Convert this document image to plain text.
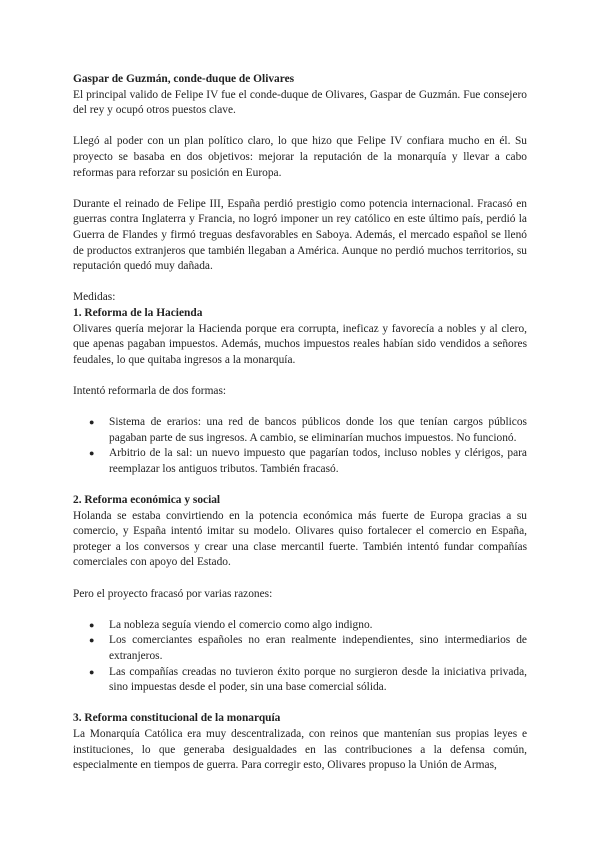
Gaspar de Guzmán, conde-duque de Olivares

El principal valido de Felipe IV fue el conde-duque de Olivares, Gaspar de Guzmán. Fue consejero del rey y ocupó otros puestos clave.

Llegó al poder con un plan político claro, lo que hizo que Felipe IV confiara mucho en él. Su proyecto se basaba en dos objetivos: mejorar la reputación de la monarquía y llevar a cabo reformas para reforzar su posición en Europa.

Durante el reinado de Felipe III, España perdió prestigio como potencia internacional. Fracasó en guerras contra Inglaterra y Francia, no logró imponer un rey católico en este último país, perdió la Guerra de Flandes y firmó treguas desfavorables en Saboya. Además, el mercado español se llenó de productos extranjeros que también llegaban a América. Aunque no perdió muchos territorios, su reputación quedó muy dañada.

Medidas:

1. Reforma de la Hacienda

Olivares quería mejorar la Hacienda porque era corrupta, ineficaz y favorecía a nobles y al clero, que apenas pagaban impuestos. Además, muchos impuestos reales habían sido vendidos a señores feudales, lo que quitaba ingresos a la monarquía.

Intentó reformarla de dos formas:

● Sistema de erarios: una red de bancos públicos donde los que tenían cargos públicos pagaban parte de sus ingresos. A cambio, se eliminarían muchos impuestos. No funcionó.
● Arbitrio de la sal: un nuevo impuesto que pagarían todos, incluso nobles y clérigos, para reemplazar los antiguos tributos. También fracasó.

2. Reforma económica y social

Holanda se estaba convirtiendo en la potencia económica más fuerte de Europa gracias a su comercio, y España intentó imitar su modelo. Olivares quiso fortalecer el comercio en España, proteger a los conversos y crear una clase mercantil fuerte. También intentó fundar compañías comerciales con apoyo del Estado.

Pero el proyecto fracasó por varias razones:

● La nobleza seguía viendo el comercio como algo indigno.
● Los comerciantes españoles no eran realmente independientes, sino intermediarios de extranjeros.
● Las compañías creadas no tuvieron éxito porque no surgieron desde la iniciativa privada, sino impuestas desde el poder, sin una base comercial sólida.

3. Reforma constitucional de la monarquía

La Monarquía Católica era muy descentralizada, con reinos que mantenían sus propias leyes e instituciones, lo que generaba desigualdades en las contribuciones a la defensa común, especialmente en tiempos de guerra. Para corregir esto, Olivares propuso la Unión de Armas,
